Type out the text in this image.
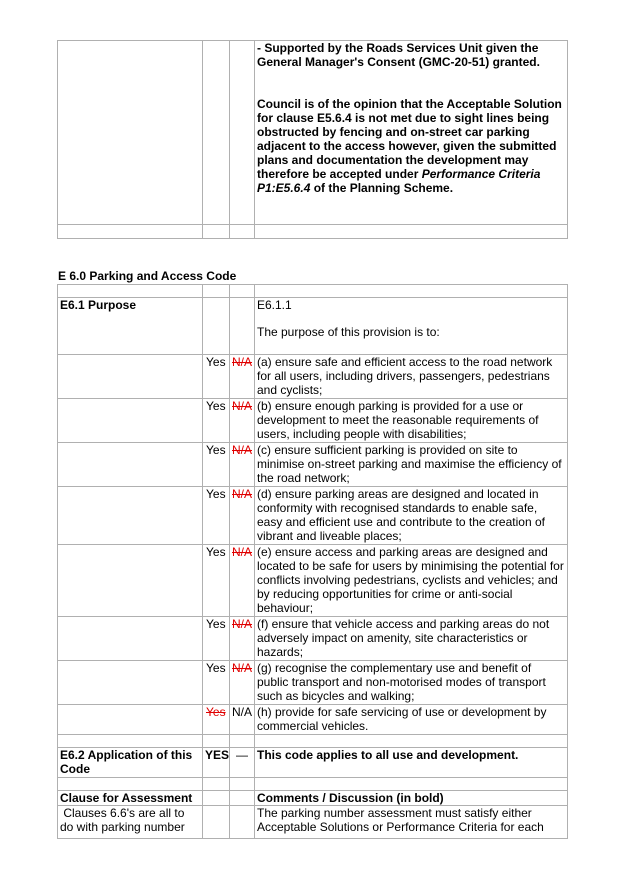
			- Supported by the Roads Services Unit given the General Manager's Consent (GMC-20-51) granted.
Council is of the opinion that the Acceptable Solution for clause E5.6.4 is not met due to sight lines being obstructed by fencing and on-street car parking adjacent to the access however, given the submitted plans and documentation the development may therefore be accepted under Performance Criteria P1:E5.6.4 of the Planning Scheme.

E 6.0 Parking and Access Code

E6.1 Purpose			E6.1.1
The purpose of this provision is to:

	Yes	N/A	(a) ensure safe and efficient access to the road network for all users, including drivers, passengers, pedestrians and cyclists;
	Yes	N/A	(b) ensure enough parking is provided for a use or development to meet the reasonable requirements of users, including people with disabilities;
	Yes	N/A	(c) ensure sufficient parking is provided on site to minimise on-street parking and maximise the efficiency of the road network;
	Yes	N/A	(d) ensure parking areas are designed and located in conformity with recognised standards to enable safe, easy and efficient use and contribute to the creation of vibrant and liveable places;
	Yes	N/A	(e) ensure access and parking areas are designed and located to be safe for users by minimising the potential for conflicts involving pedestrians, cyclists and vehicles; and by reducing opportunities for crime or anti-social behaviour;
	Yes	N/A	(f) ensure that vehicle access and parking areas do not adversely impact on amenity, site characteristics or hazards;
	Yes	N/A	(g) recognise the complementary use and benefit of public transport and non-motorised modes of transport such as bicycles and walking;
	Yes	N/A	(h) provide for safe servicing of use or development by commercial vehicles.

E6.2 Application of this Code	YES	—	This code applies to all use and development.

Clause for Assessment			Comments / Discussion (in bold)
Clauses 6.6's are all to do with parking number			The parking number assessment must satisfy either Acceptable Solutions or Performance Criteria for each
